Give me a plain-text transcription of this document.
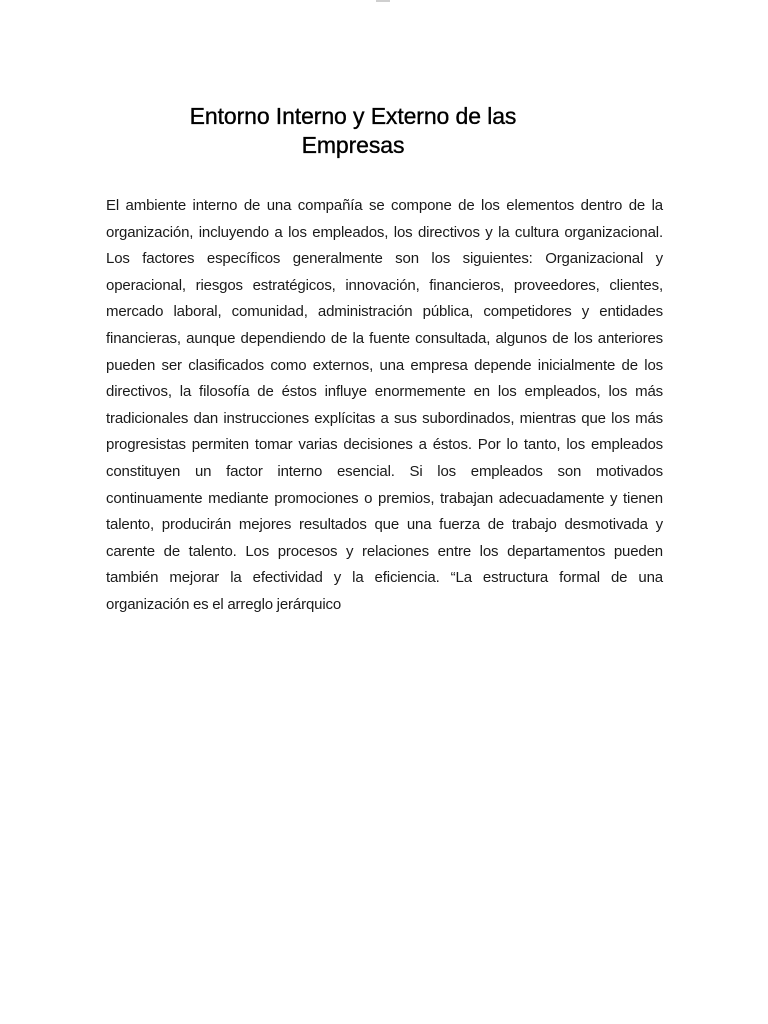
Entorno Interno y Externo de las Empresas

El ambiente interno de una compañía se compone de los elementos dentro de la organización, incluyendo a los empleados, los directivos y la cultura organizacional. Los factores específicos generalmente son los siguientes: Organizacional y operacional, riesgos estratégicos, innovación, financieros, proveedores, clientes, mercado laboral, comunidad, administración pública, competidores y entidades financieras, aunque dependiendo de la fuente consultada, algunos de los anteriores pueden ser clasificados como externos, una empresa depende inicialmente de los directivos, la filosofía de éstos influye enormemente en los empleados, los más tradicionales dan instrucciones explícitas a sus subordinados, mientras que los más progresistas permiten tomar varias decisiones a éstos. Por lo tanto, los empleados constituyen un factor interno esencial. Si los empleados son motivados continuamente mediante promociones o premios, trabajan adecuadamente y tienen talento, producirán mejores resultados que una fuerza de trabajo desmotivada y carente de talento. Los procesos y relaciones entre los departamentos pueden también mejorar la efectividad y la eficiencia. “La estructura formal de una organización es el arreglo jerárquico
